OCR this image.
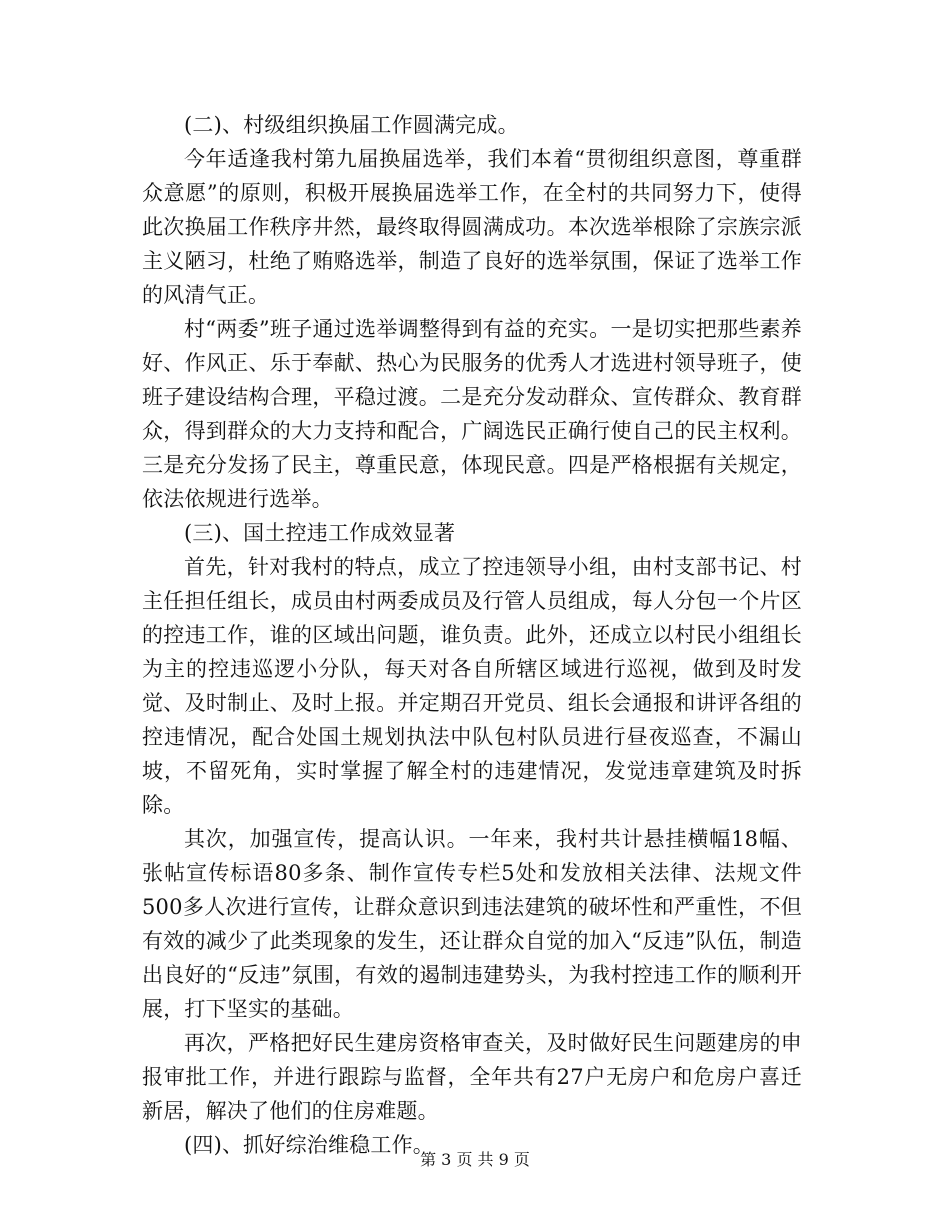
(二)、村级组织换届工作圆满完成。

今年适逢我村第九届换届选举，我们本着“贯彻组织意图，尊重群众意愿”的原则，积极开展换届选举工作，在全村的共同努力下，使得此次换届工作秩序井然，最终取得圆满成功。本次选举根除了宗族宗派主义陋习，杜绝了贿赂选举，制造了良好的选举氛围，保证了选举工作的风清气正。

村“两委”班子通过选举调整得到有益的充实。一是切实把那些素养好、作风正、乐于奉献、热心为民服务的优秀人才选进村领导班子，使班子建设结构合理，平稳过渡。二是充分发动群众、宣传群众、教育群众，得到群众的大力支持和配合，广阔选民正确行使自己的民主权利。三是充分发扬了民主，尊重民意，体现民意。四是严格根据有关规定，依法依规进行选举。

(三)、国土控违工作成效显著

首先，针对我村的特点，成立了控违领导小组，由村支部书记、村主任担任组长，成员由村两委成员及行管人员组成，每人分包一个片区的控违工作，谁的区域出问题，谁负责。此外，还成立以村民小组组长为主的控违巡逻小分队，每天对各自所辖区域进行巡视，做到及时发觉、及时制止、及时上报。并定期召开党员、组长会通报和讲评各组的控违情况，配合处国土规划执法中队包村队员进行昼夜巡查，不漏山坡，不留死角，实时掌握了解全村的违建情况，发觉违章建筑及时拆除。

其次，加强宣传，提高认识。一年来，我村共计悬挂横幅18幅、张帖宣传标语80多条、制作宣传专栏5处和发放相关法律、法规文件500多人次进行宣传，让群众意识到违法建筑的破坏性和严重性，不但有效的减少了此类现象的发生，还让群众自觉的加入“反违”队伍，制造出良好的“反违”氛围，有效的遏制违建势头，为我村控违工作的顺利开展，打下坚实的基础。

再次，严格把好民生建房资格审查关，及时做好民生问题建房的申报审批工作，并进行跟踪与监督，全年共有27户无房户和危房户喜迁新居，解决了他们的住房难题。

(四)、抓好综治维稳工作。

第 3 页 共 9 页
